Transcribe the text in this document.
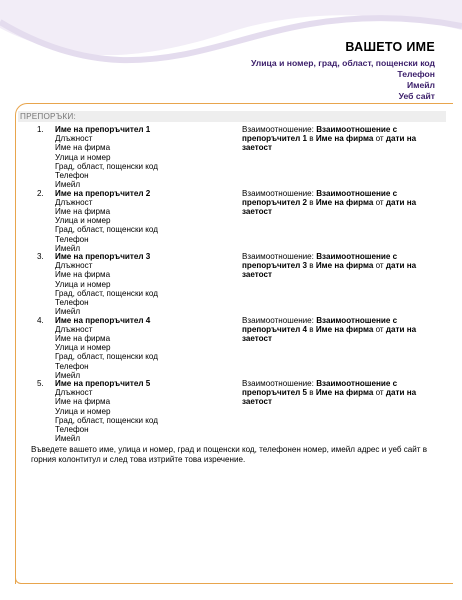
ВАШЕТО ИМЕ
Улица и номер, град, област, пощенски код
Телефон
Имейл
Уеб сайт
ПРЕПОРЪКИ:
1. Име на препоръчител 1
Длъжност
Име на фирма
Улица и номер
Град, област, пощенски код
Телефон
Имейл
Взаимоотношение: Взаимоотношение с препоръчител 1 в Име на фирма от дати на заетост
2. Име на препоръчител 2
Длъжност
Име на фирма
Улица и номер
Град, област, пощенски код
Телефон
Имейл
Взаимоотношение: Взаимоотношение с препоръчител 2 в Име на фирма от дати на заетост
3. Име на препоръчител 3
Длъжност
Име на фирма
Улица и номер
Град, област, пощенски код
Телефон
Имейл
Взаимоотношение: Взаимоотношение с препоръчител 3 в Име на фирма от дати на заетост
4. Име на препоръчител 4
Длъжност
Име на фирма
Улица и номер
Град, област, пощенски код
Телефон
Имейл
Взаимоотношение: Взаимоотношение с препоръчител 4 в Име на фирма от дати на заетост
5. Име на препоръчител 5
Длъжност
Име на фирма
Улица и номер
Град, област, пощенски код
Телефон
Имейл
Взаимоотношение: Взаимоотношение с препоръчител 5 в Име на фирма от дати на заетост
Въведете вашето име, улица и номер, град и пощенски код, телефонен номер, имейл адрес и уеб сайт в горния колонтитул и след това изтрийте това изречение.
